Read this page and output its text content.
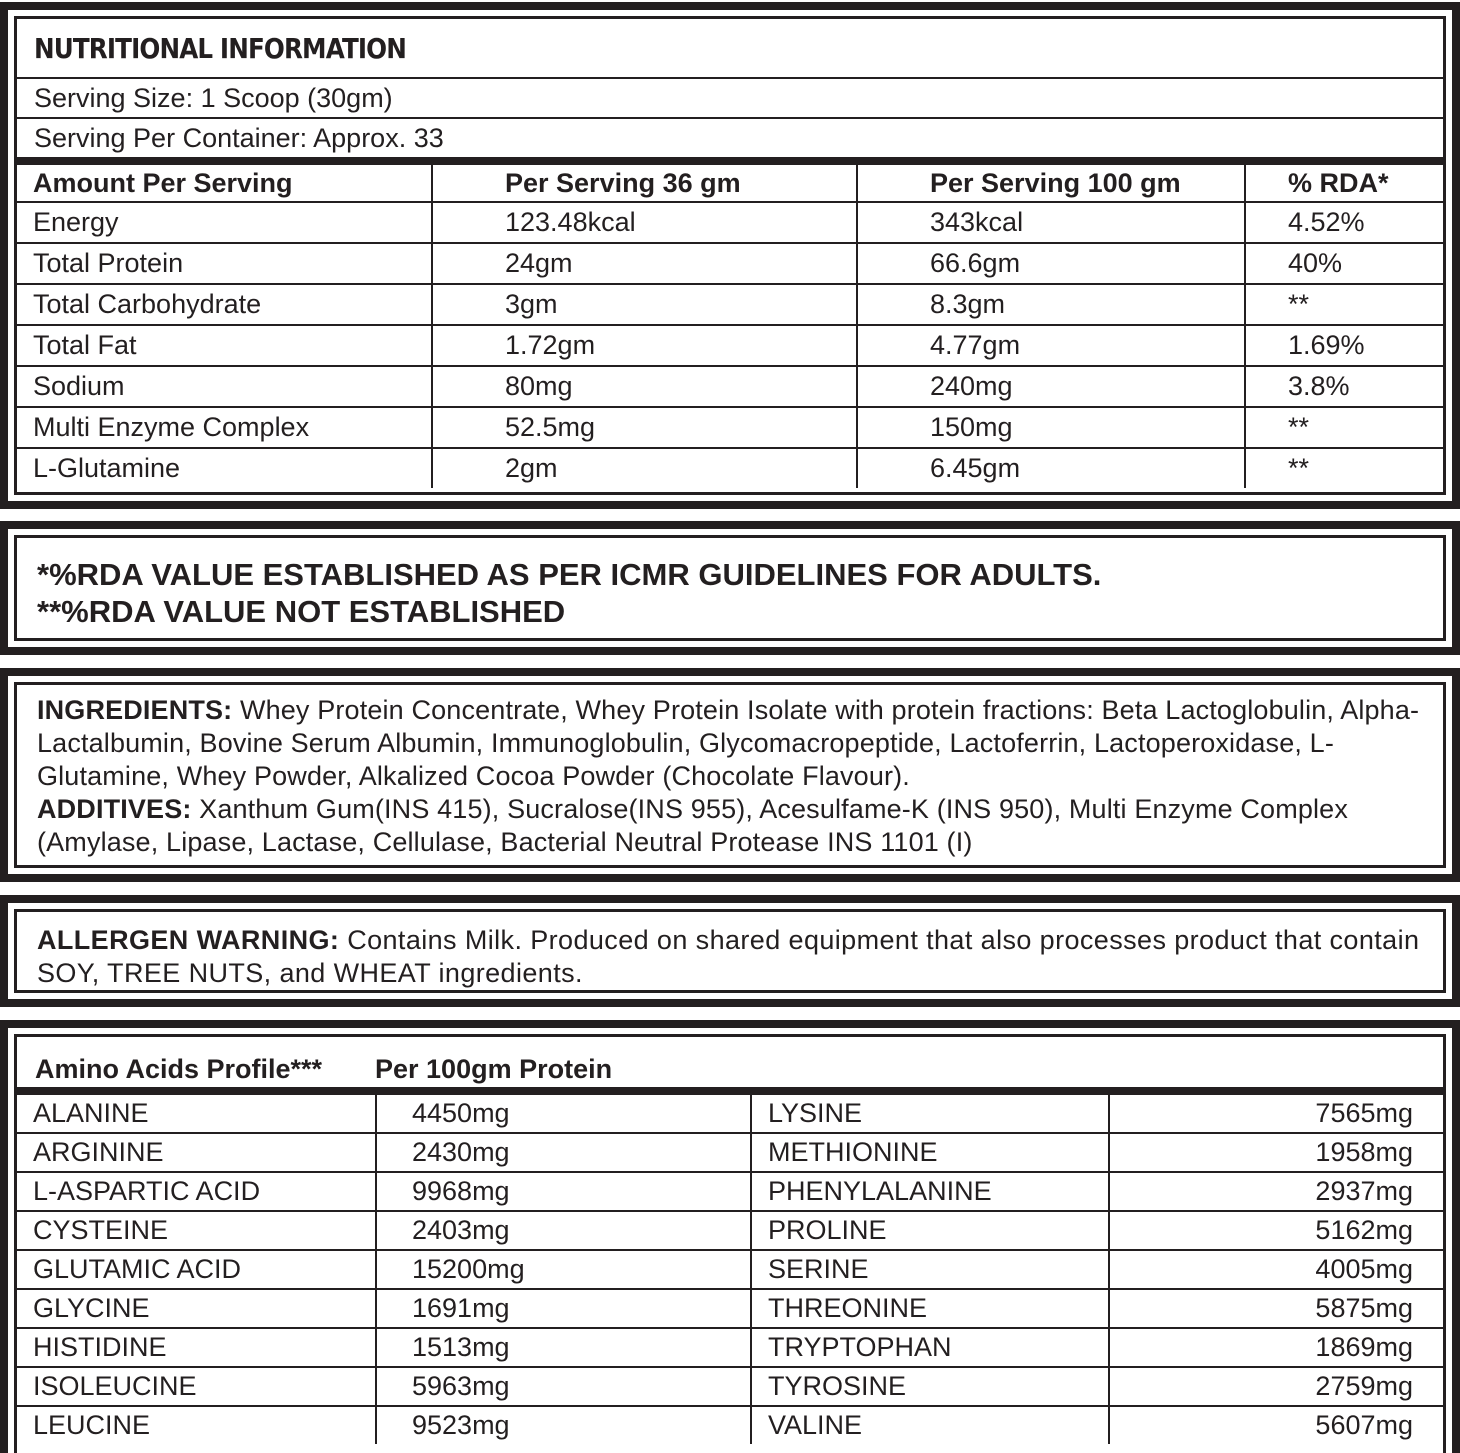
NUTRITIONAL INFORMATION
Serving Size: 1 Scoop (30gm)
Serving Per Container: Approx. 33
Amount Per Serving	Per Serving 36 gm	Per Serving 100 gm	% RDA*
Energy	123.48kcal	343kcal	4.52%
Total Protein	24gm	66.6gm	40%
Total Carbohydrate	3gm	8.3gm	**
Total Fat	1.72gm	4.77gm	1.69%
Sodium	80mg	240mg	3.8%
Multi Enzyme Complex	52.5mg	150mg	**
L-Glutamine	2gm	6.45gm	**
*%RDA VALUE ESTABLISHED AS PER ICMR GUIDELINES FOR ADULTS.
**%RDA VALUE NOT ESTABLISHED
INGREDIENTS: Whey Protein Concentrate, Whey Protein Isolate with protein fractions: Beta Lactoglobulin, Alpha-Lactalbumin, Bovine Serum Albumin, Immunoglobulin, Glycomacropeptide, Lactoferrin, Lactoperoxidase, L-Glutamine, Whey Powder, Alkalized Cocoa Powder (Chocolate Flavour).
ADDITIVES: Xanthum Gum(INS 415), Sucralose(INS 955), Acesulfame-K (INS 950), Multi Enzyme Complex (Amylase, Lipase, Lactase, Cellulase, Bacterial Neutral Protease INS 1101 (I)
ALLERGEN WARNING: Contains Milk. Produced on shared equipment that also processes product that contain SOY, TREE NUTS, and WHEAT ingredients.
Amino Acids Profile***	Per 100gm Protein
ALANINE	4450mg	LYSINE	7565mg
ARGININE	2430mg	METHIONINE	1958mg
L-ASPARTIC ACID	9968mg	PHENYLALANINE	2937mg
CYSTEINE	2403mg	PROLINE	5162mg
GLUTAMIC ACID	15200mg	SERINE	4005mg
GLYCINE	1691mg	THREONINE	5875mg
HISTIDINE	1513mg	TRYPTOPHAN	1869mg
ISOLEUCINE	5963mg	TYROSINE	2759mg
LEUCINE	9523mg	VALINE	5607mg
